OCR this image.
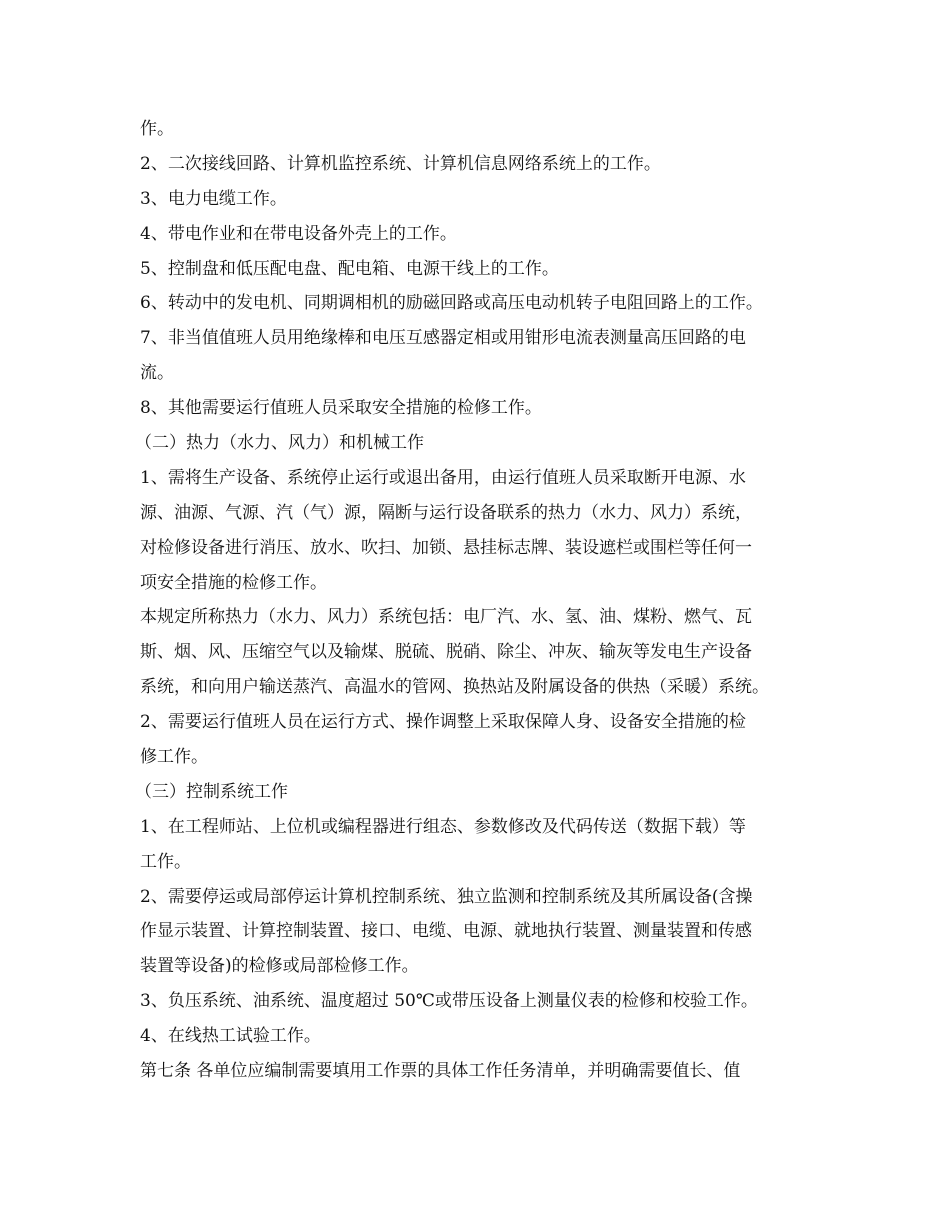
作。
2、二次接线回路、计算机监控系统、计算机信息网络系统上的工作。
3、电力电缆工作。
4、带电作业和在带电设备外壳上的工作。
5、控制盘和低压配电盘、配电箱、电源干线上的工作。
6、转动中的发电机、同期调相机的励磁回路或高压电动机转子电阻回路上的工作。
7、非当值值班人员用绝缘棒和电压互感器定相或用钳形电流表测量高压回路的电
流。
8、其他需要运行值班人员采取安全措施的检修工作。
（二）热力（水力、风力）和机械工作
1、需将生产设备、系统停止运行或退出备用，由运行值班人员采取断开电源、水
源、油源、气源、汽（气）源，隔断与运行设备联系的热力（水力、风力）系统，
对检修设备进行消压、放水、吹扫、加锁、悬挂标志牌、装设遮栏或围栏等任何一
项安全措施的检修工作。
本规定所称热力（水力、风力）系统包括：电厂汽、水、氢、油、煤粉、燃气、瓦
斯、烟、风、压缩空气以及输煤、脱硫、脱硝、除尘、冲灰、输灰等发电生产设备
系统，和向用户输送蒸汽、高温水的管网、换热站及附属设备的供热（采暖）系统。
2、需要运行值班人员在运行方式、操作调整上采取保障人身、设备安全措施的检
修工作。
（三）控制系统工作
1、在工程师站、上位机或编程器进行组态、参数修改及代码传送（数据下载）等
工作。
2、需要停运或局部停运计算机控制系统、独立监测和控制系统及其所属设备(含操
作显示装置、计算控制装置、接口、电缆、电源、就地执行装置、测量装置和传感
装置等设备)的检修或局部检修工作。
3、负压系统、油系统、温度超过 50℃或带压设备上测量仪表的检修和校验工作。
4、在线热工试验工作。
第七条 各单位应编制需要填用工作票的具体工作任务清单，并明确需要值长、值
